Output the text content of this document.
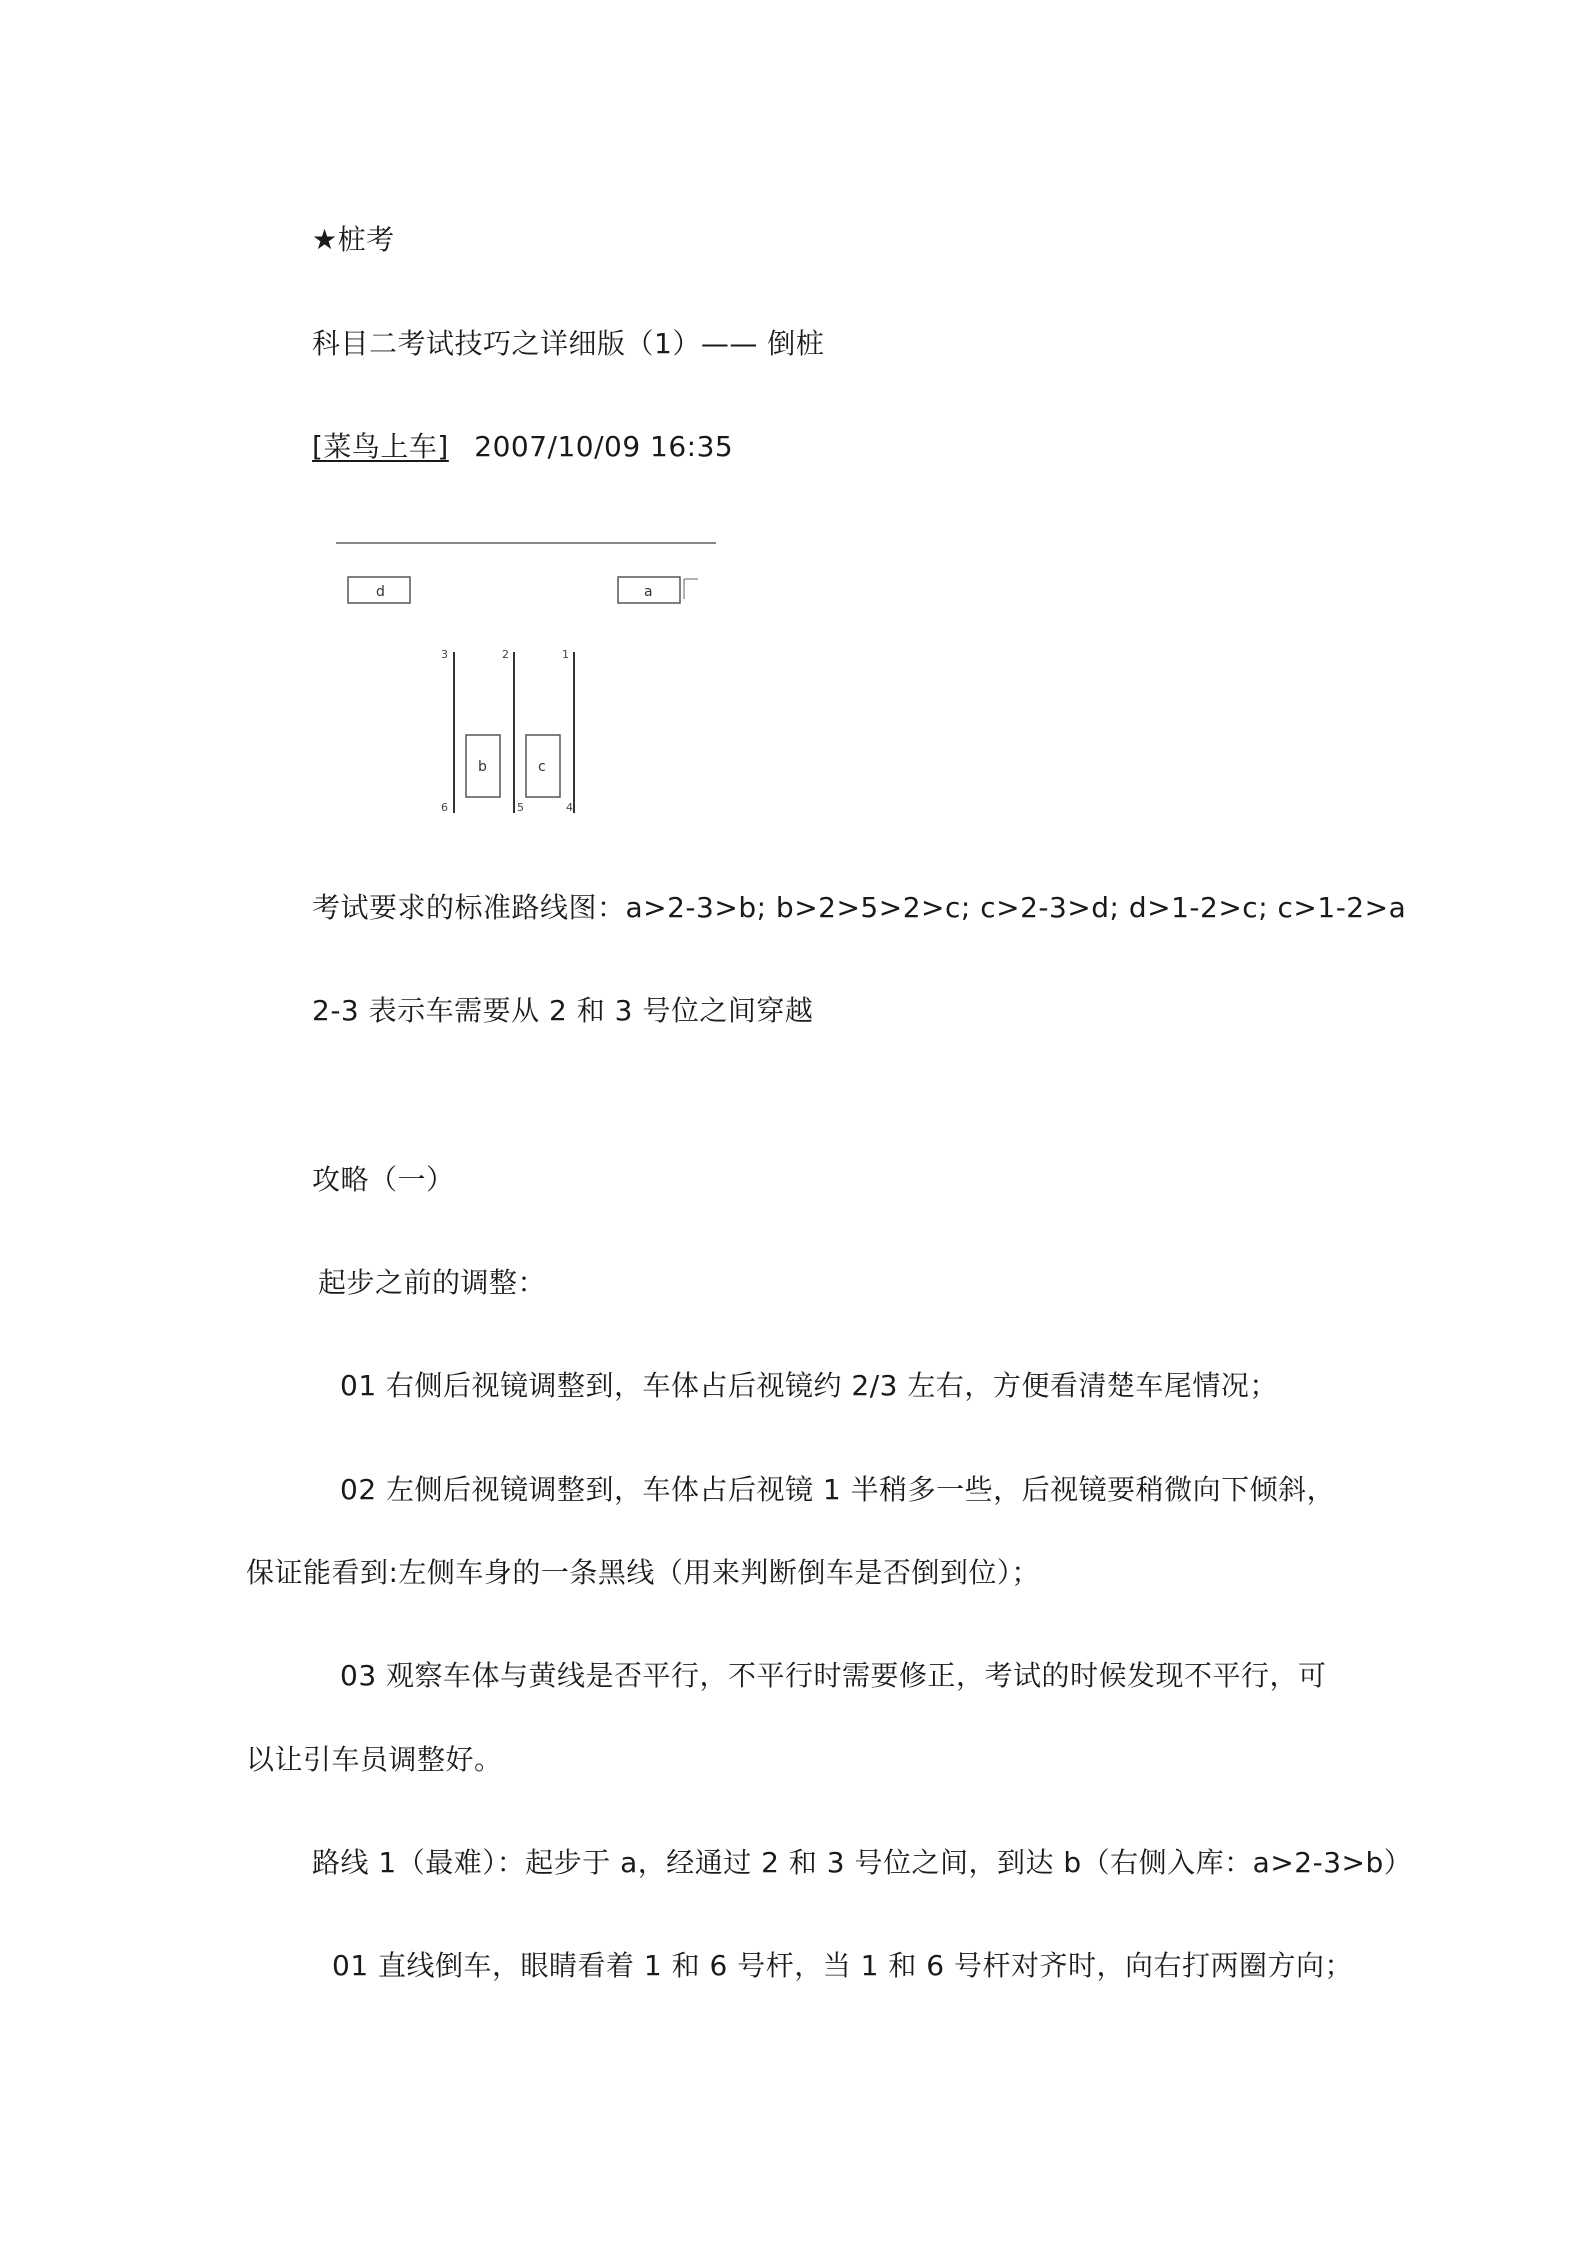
★桩考
科目二考试技巧之详细版（1）—— 倒桩
[菜鸟上车] 2007/10/09 16:35
d	a
3
6
2
5
1
4
b	c
考试要求的标准路线图：a>2-3>b; b>2>5>2>c; c>2-3>d; d>1-2>c; c>1-2>a
2-3 表示车需要从 2 和 3 号位之间穿越
攻略（一）
起步之前的调整：
01 右侧后视镜调整到，车体占后视镜约 2/3 左右，方便看清楚车尾情况；
02 左侧后视镜调整到，车体占后视镜 1 半稍多一些，后视镜要稍微向下倾斜，
保证能看到:左侧车身的一条黑线（用来判断倒车是否倒到位）；
03 观察车体与黄线是否平行，不平行时需要修正，考试的时候发现不平行，可
以让引车员调整好。
路线 1（最难）：起步于 a，经通过 2 和 3 号位之间，到达 b（右侧入库：a>2-3>b）
01 直线倒车，眼睛看着 1 和 6 号杆，当 1 和 6 号杆对齐时，向右打两圈方向；
